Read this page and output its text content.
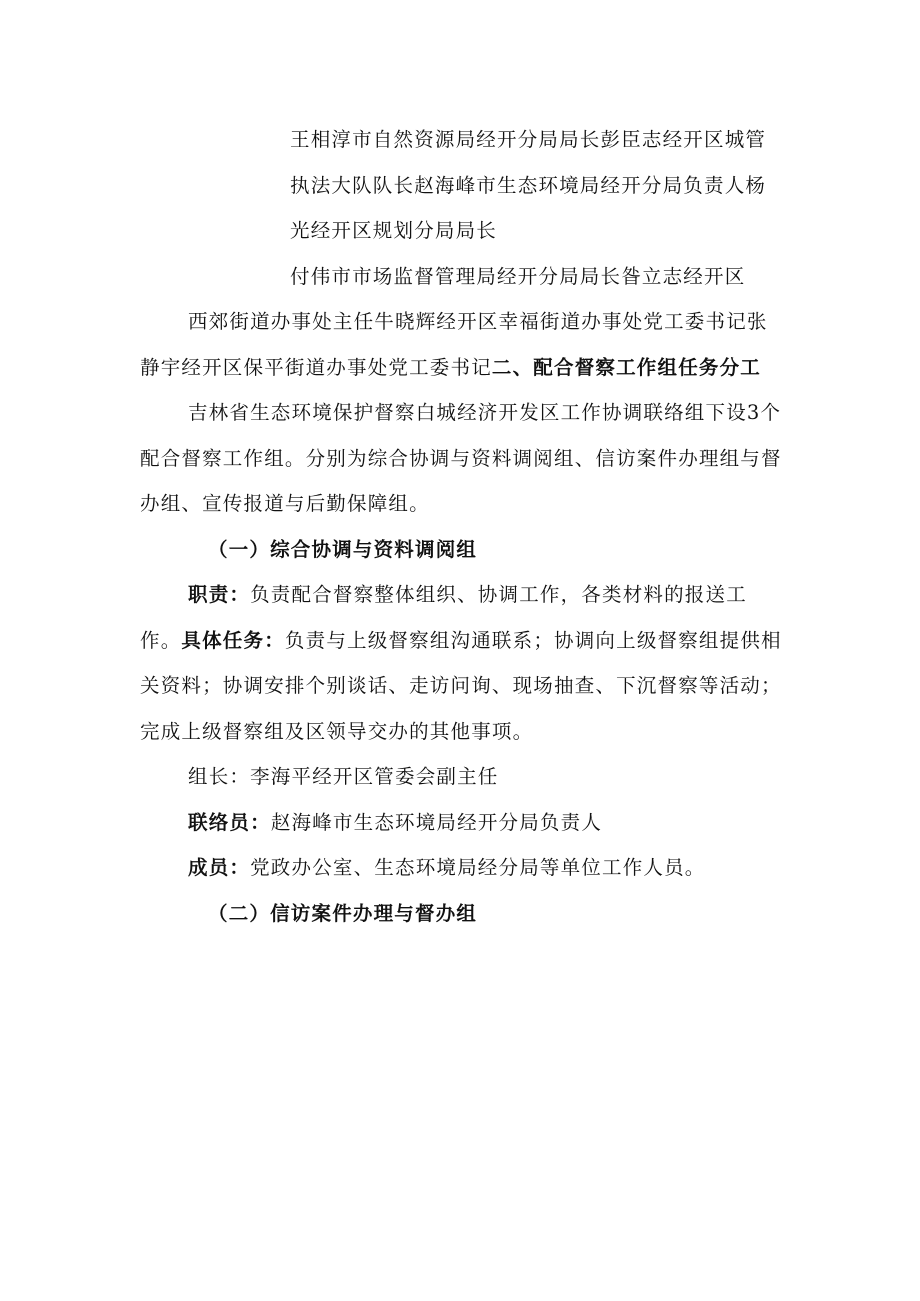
王相淳市自然资源局经开分局局长彭臣志经开区城管执法大队队长赵海峰市生态环境局经开分局负责人杨光经开区规划分局局长

付伟市市场监督管理局经开分局局长昝立志经开区西郊街道办事处主任牛晓辉经开区幸福街道办事处党工委书记张静宇经开区保平街道办事处党工委书记二、配合督察工作组任务分工

吉林省生态环境保护督察白城经济开发区工作协调联络组下设3个配合督察工作组。分别为综合协调与资料调阅组、信访案件办理组与督办组、宣传报道与后勤保障组。

（一）综合协调与资料调阅组

职责：负责配合督察整体组织、协调工作，各类材料的报送工作。具体任务：负责与上级督察组沟通联系；协调向上级督察组提供相关资料；协调安排个别谈话、走访问询、现场抽查、下沉督察等活动；完成上级督察组及区领导交办的其他事项。

组长：李海平经开区管委会副主任

联络员：赵海峰市生态环境局经开分局负责人

成员：党政办公室、生态环境局经分局等单位工作人员。

（二）信访案件办理与督办组
